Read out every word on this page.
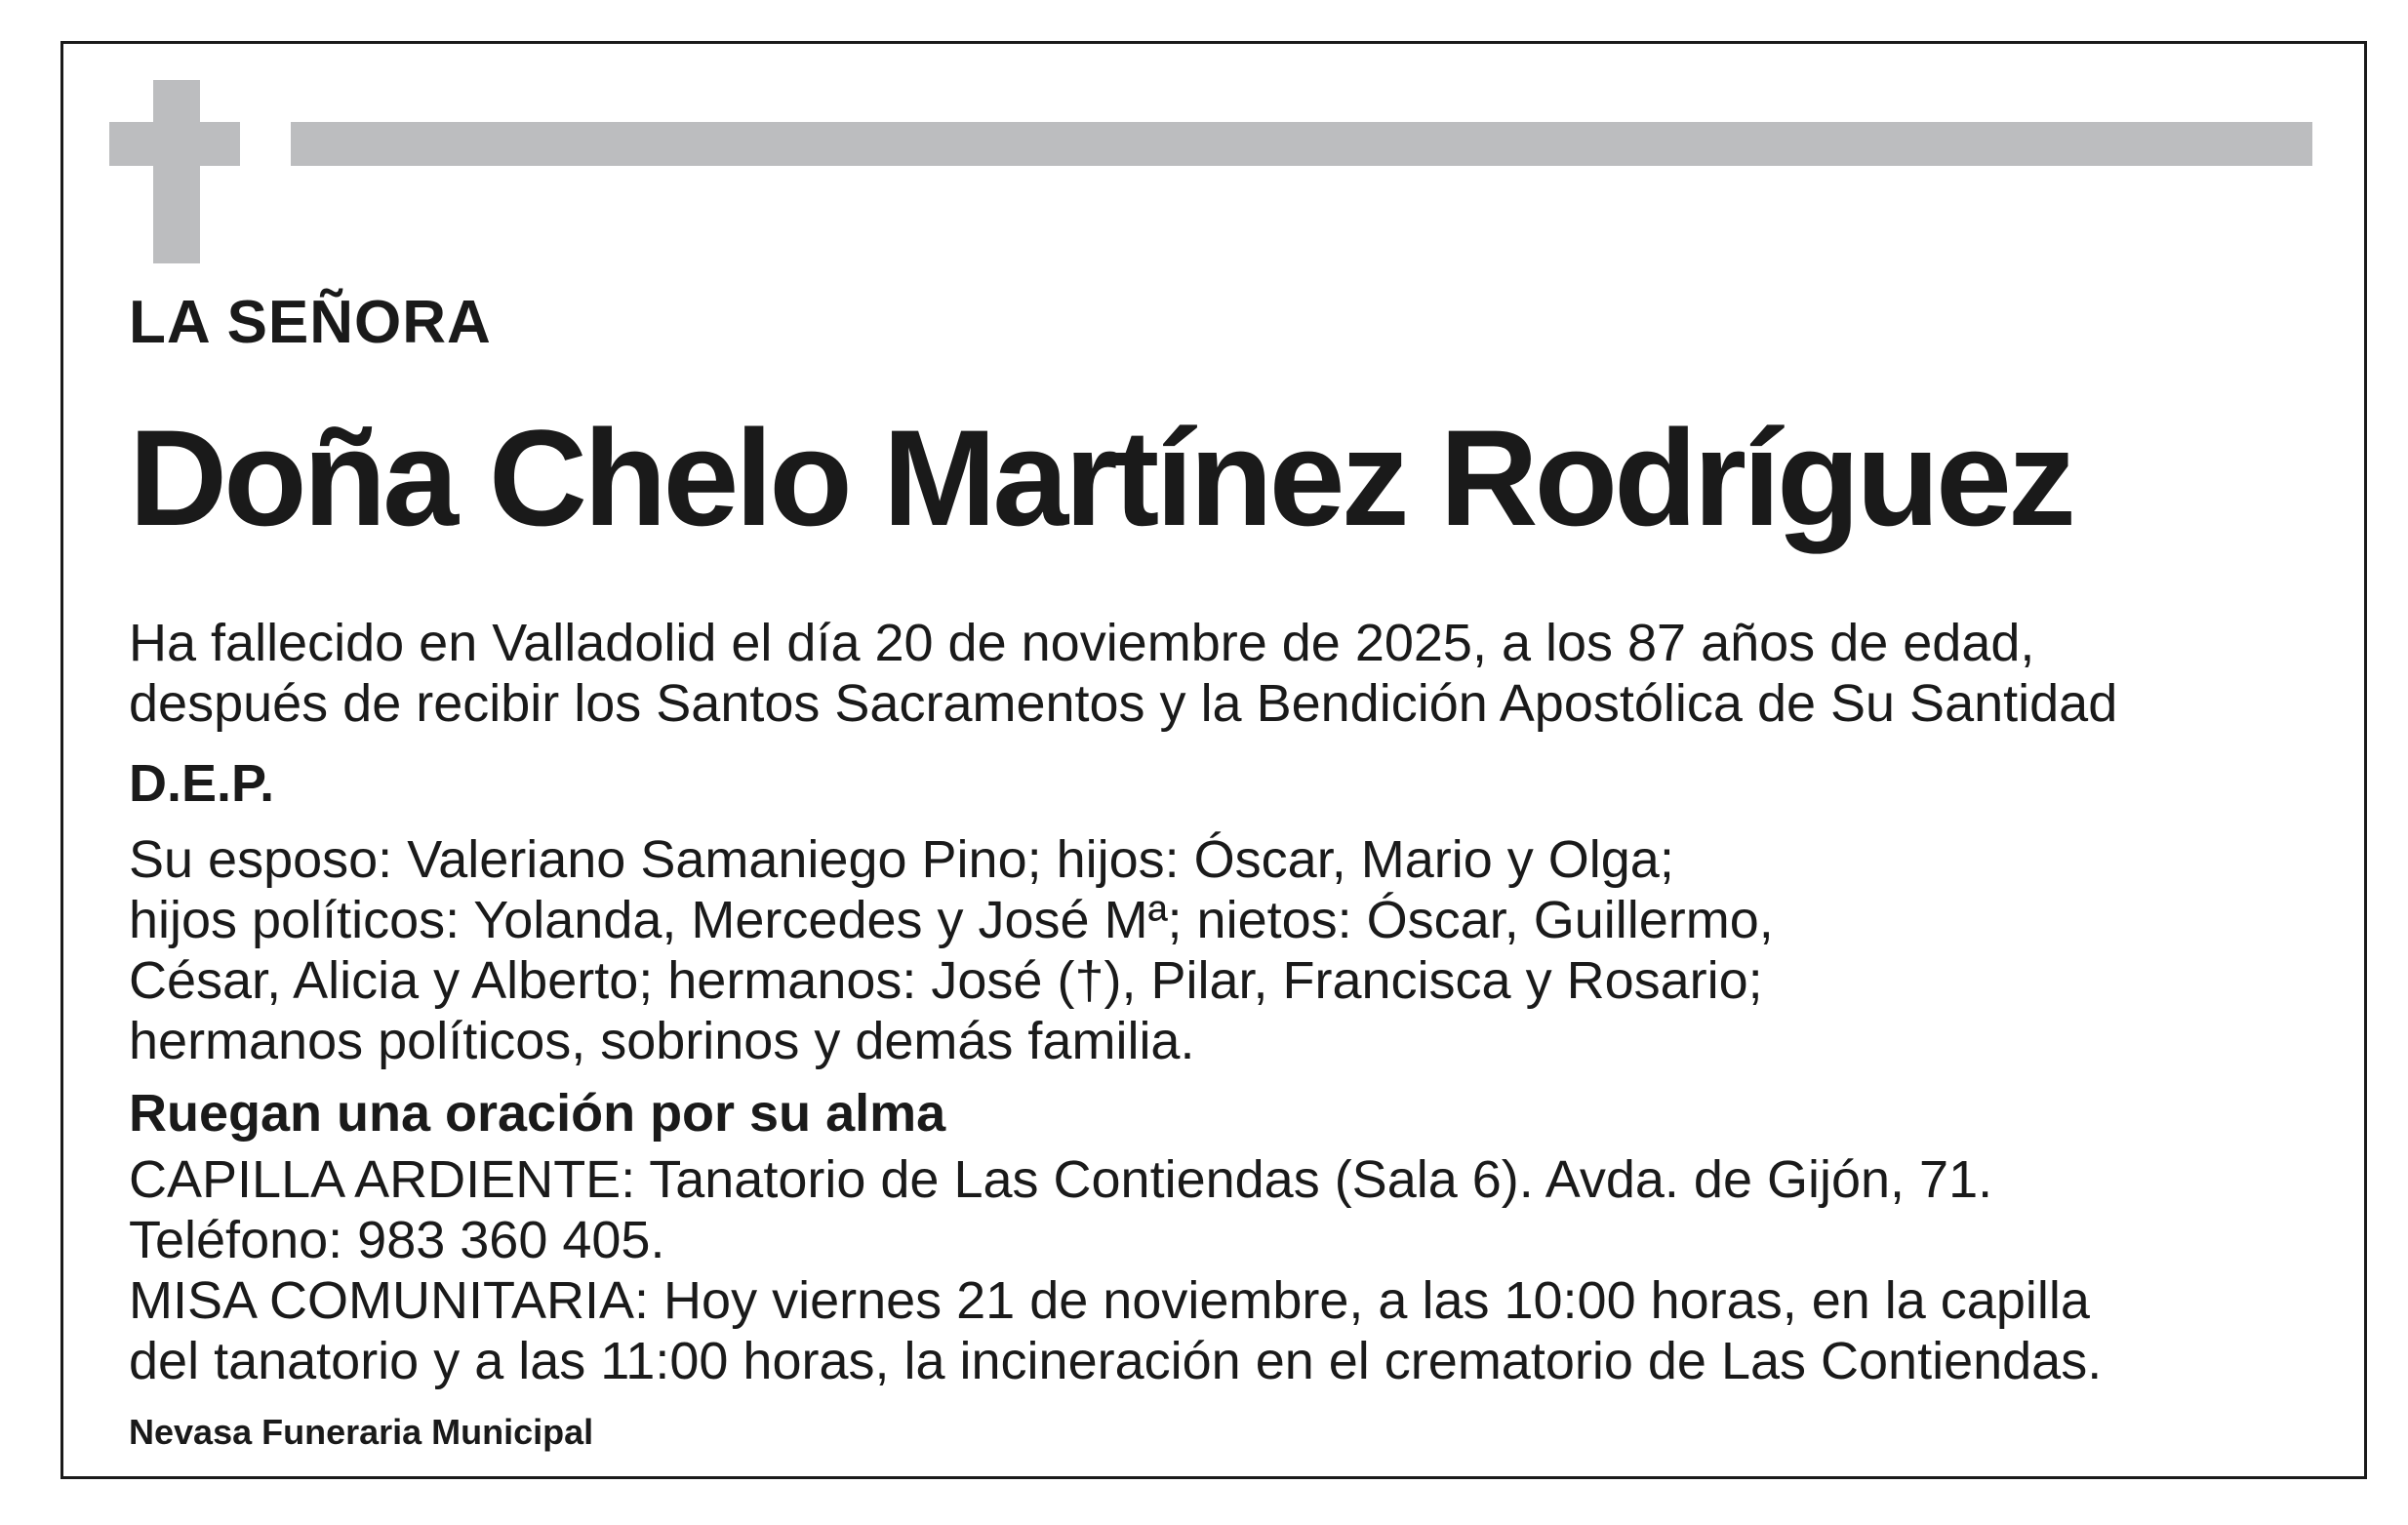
LA SEÑORA
Doña Chelo Martínez Rodríguez
Ha fallecido en Valladolid el día 20 de noviembre de 2025, a los 87 años de edad,
después de recibir los Santos Sacramentos y la Bendición Apostólica de Su Santidad
D.E.P.
Su esposo: Valeriano Samaniego Pino; hijos: Óscar, Mario y Olga;
hijos políticos: Yolanda, Mercedes y José Mª; nietos: Óscar, Guillermo,
César, Alicia y Alberto; hermanos: José (†), Pilar, Francisca y Rosario;
hermanos políticos, sobrinos y demás familia.
Ruegan una oración por su alma
CAPILLA ARDIENTE: Tanatorio de Las Contiendas (Sala 6). Avda. de Gijón, 71.
Teléfono: 983 360 405.
MISA COMUNITARIA: Hoy viernes 21 de noviembre, a las 10:00 horas, en la capilla
del tanatorio y a las 11:00 horas, la incineración en el crematorio de Las Contiendas.
Nevasa Funeraria Municipal
